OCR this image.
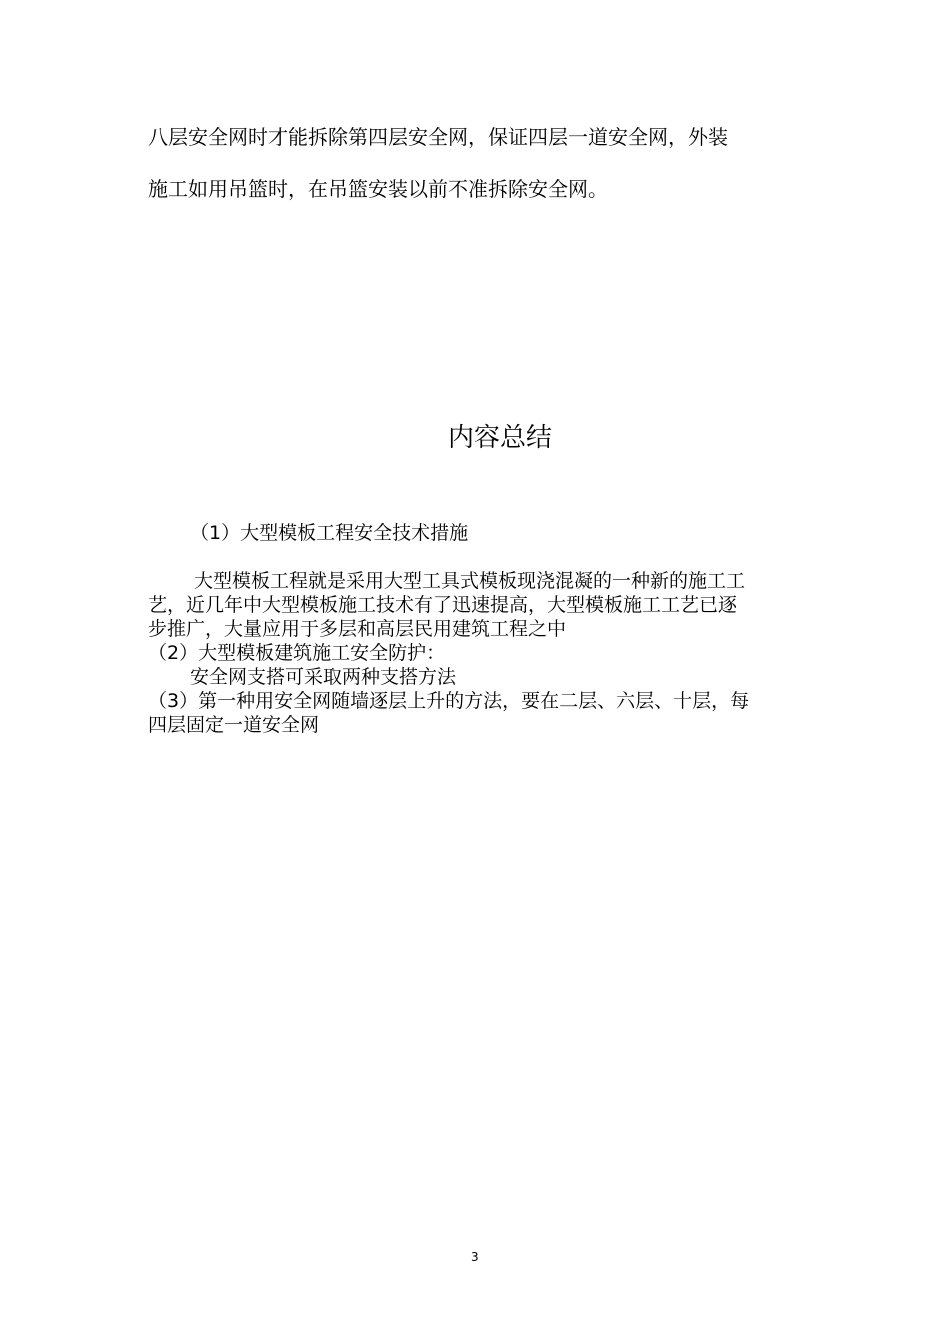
八层安全网时才能拆除第四层安全网，保证四层一道安全网，外装

施工如用吊篮时，在吊篮安装以前不准拆除安全网。

内容总结

（1）大型模板工程安全技术措施

大型模板工程就是采用大型工具式模板现浇混凝的一种新的施工工

艺，近几年中大型模板施工技术有了迅速提高，大型模板施工工艺已逐

步推广，大量应用于多层和高层民用建筑工程之中

（2）大型模板建筑施工安全防护：

安全网支搭可采取两种支搭方法

（3）第一种用安全网随墙逐层上升的方法，要在二层、六层、十层，每

四层固定一道安全网

3
